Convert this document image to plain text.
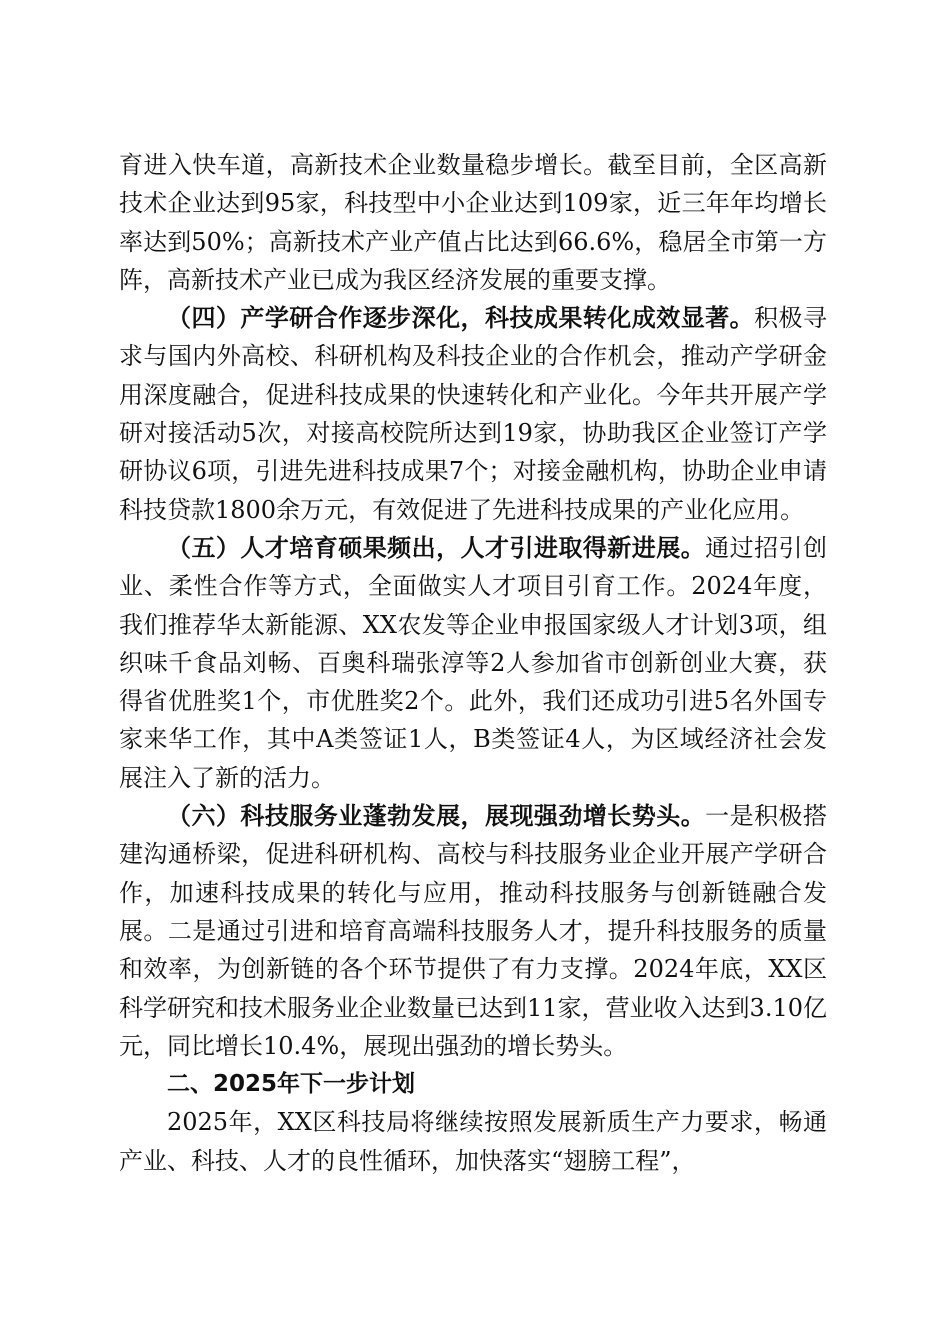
育进入快车道，高新技术企业数量稳步增长。截至目前，全区高新技术企业达到95家，科技型中小企业达到109家，近三年年均增长率达到50%；高新技术产业产值占比达到66.6%，稳居全市第一方阵，高新技术产业已成为我区经济发展的重要支撑。

（四）产学研合作逐步深化，科技成果转化成效显著。积极寻求与国内外高校、科研机构及科技企业的合作机会，推动产学研金用深度融合，促进科技成果的快速转化和产业化。今年共开展产学研对接活动5次，对接高校院所达到19家，协助我区企业签订产学研协议6项，引进先进科技成果7个；对接金融机构，协助企业申请科技贷款1800余万元，有效促进了先进科技成果的产业化应用。

（五）人才培育硕果频出，人才引进取得新进展。通过招引创业、柔性合作等方式，全面做实人才项目引育工作。2024年度，我们推荐华太新能源、XX农发等企业申报国家级人才计划3项，组织味千食品刘畅、百奥科瑞张淳等2人参加省市创新创业大赛，获得省优胜奖1个，市优胜奖2个。此外，我们还成功引进5名外国专家来华工作，其中A类签证1人，B类签证4人，为区域经济社会发展注入了新的活力。

（六）科技服务业蓬勃发展，展现强劲增长势头。一是积极搭建沟通桥梁，促进科研机构、高校与科技服务业企业开展产学研合作，加速科技成果的转化与应用，推动科技服务与创新链融合发展。二是通过引进和培育高端科技服务人才，提升科技服务的质量和效率，为创新链的各个环节提供了有力支撑。2024年底，XX区科学研究和技术服务业企业数量已达到11家，营业收入达到3.10亿元，同比增长10.4%，展现出强劲的增长势头。

二、2025年下一步计划

2025年，XX区科技局将继续按照发展新质生产力要求，畅通产业、科技、人才的良性循环，加快落实“翅膀工程”，
